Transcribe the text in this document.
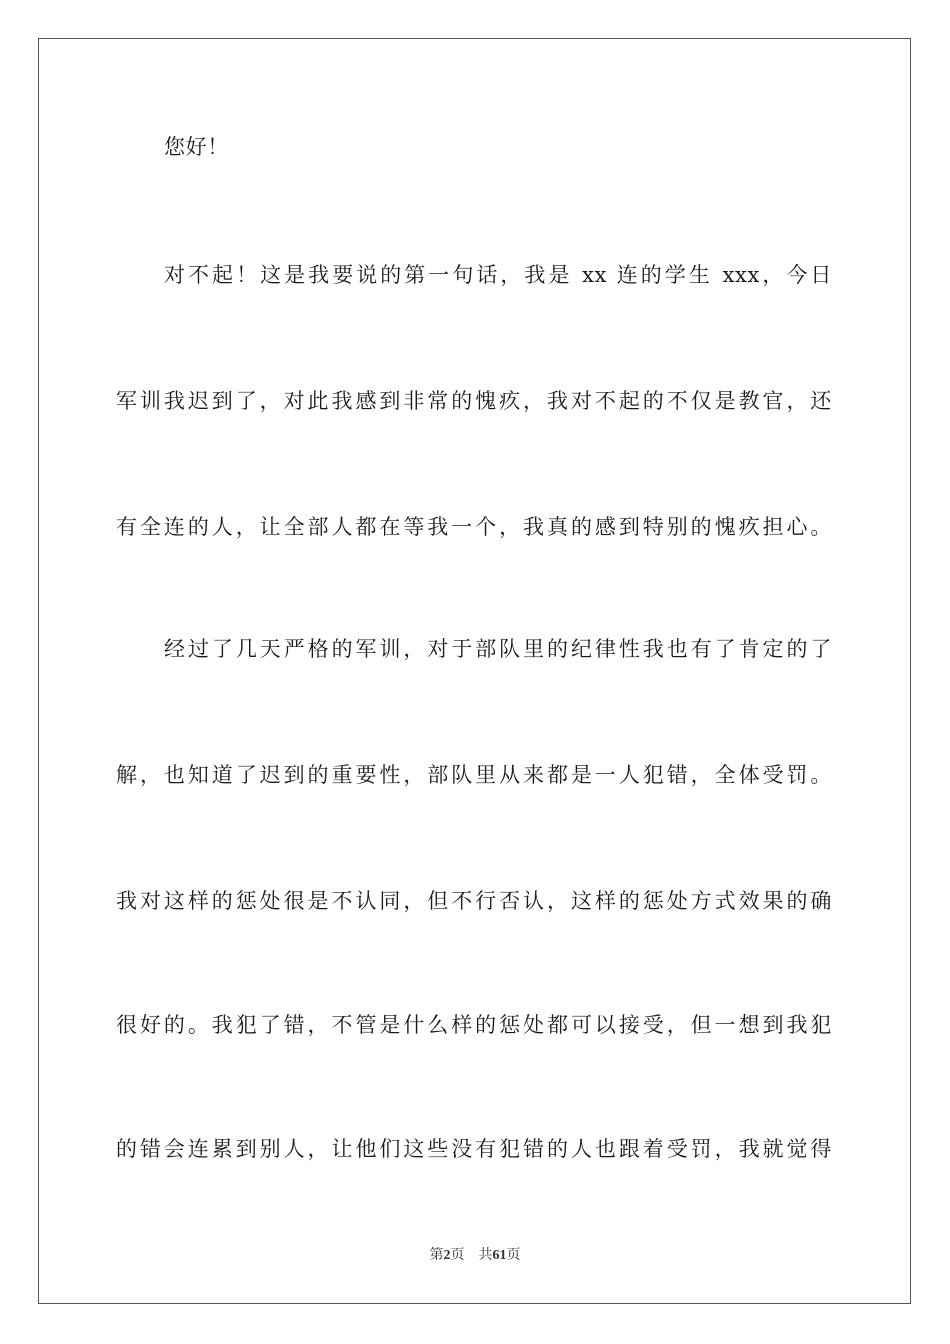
您好！
对不起！这是我要说的第一句话，我是 xx 连的学生 xxx，今日
军训我迟到了，对此我感到非常的愧疚，我对不起的不仅是教官，还
有全连的人，让全部人都在等我一个，我真的感到特别的愧疚担心。
经过了几天严格的军训，对于部队里的纪律性我也有了肯定的了
解，也知道了迟到的重要性，部队里从来都是一人犯错，全体受罚。
我对这样的惩处很是不认同，但不行否认，这样的惩处方式效果的确
很好的。我犯了错，不管是什么样的惩处都可以接受，但一想到我犯
的错会连累到别人，让他们这些没有犯错的人也跟着受罚，我就觉得
第2页 共61页
